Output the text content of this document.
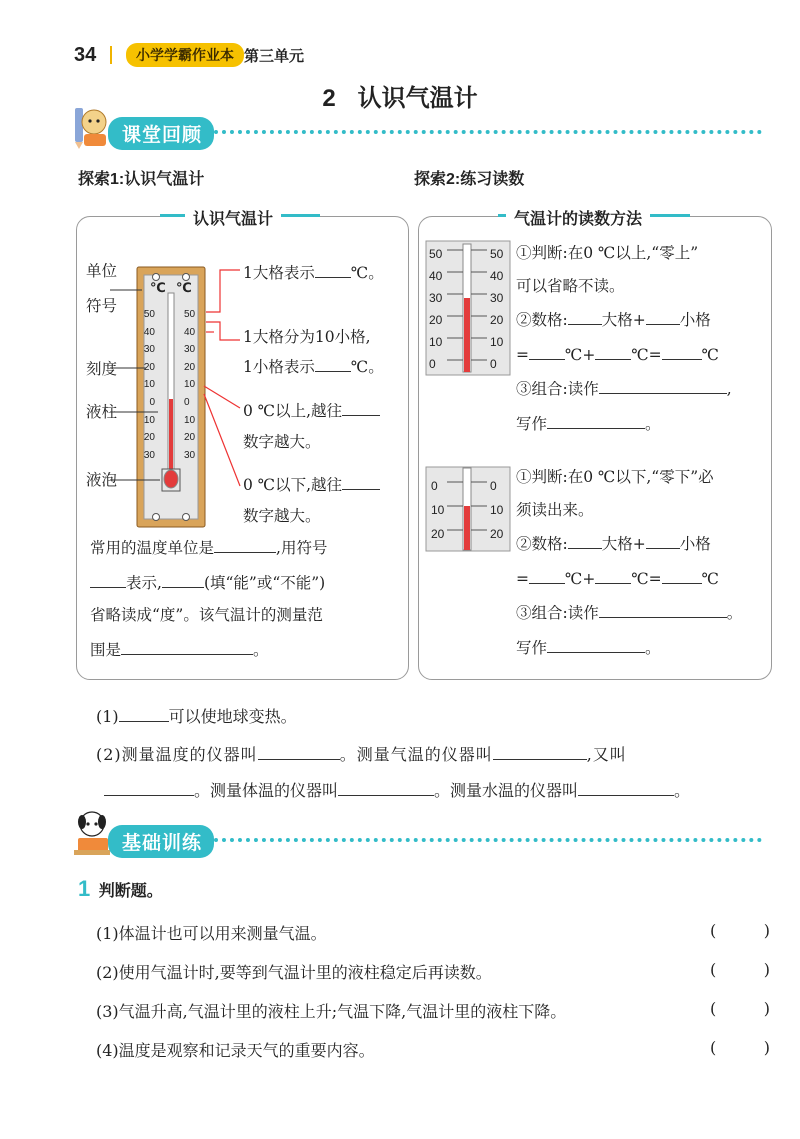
34	小学学霸作业本 第三单元
2 认识气温计
课堂回顾
探索1:认识气温计	探索2:练习读数
认识气温计
单位
符号
刻度
液柱
液泡
℃ ℃
50
40
30
20
10
0
10
20
30
50
40
30
20
10
0
10
20
30
1大格表示 ℃。
1大格分为10小格,
1小格表示 ℃。
0 ℃以上,越往
数字越大。
0 ℃以下,越往
数字越大。
常用的温度单位是	,用符号
表示,	(填“能”或“不能”)
省略读成“度”。该气温计的测量范
围是	。
气温计的读数方法
50
40
30
20
10
0
50
40
30
20
10
0
①判断:在0 ℃以上,“零上”
可以省略不读。
②数格: 大格+ 小格
= ℃+ ℃=	℃
③组合:读作	,
写作	。
0
10
20
0
10
20
①判断:在0 ℃以下,“零下”必
须读出来。
②数格: 大格+ 小格
= ℃+ ℃=	℃
③组合:读作	。
写作	。
(1)	可以使地球变热。
(2)测量温度的仪器叫	。测量气温的仪器叫	,又叫
。测量体温的仪器叫	。测量水温的仪器叫	。
基础训练
1 判断题。
(1)体温计也可以用来测量气温。
(2)使用气温计时,要等到气温计里的液柱稳定后再读数。
(3)气温升高,气温计里的液柱上升;气温下降,气温计里的液柱下降。
(4)温度是观察和记录天气的重要内容。
(	)
(	)
(	)
(	)
